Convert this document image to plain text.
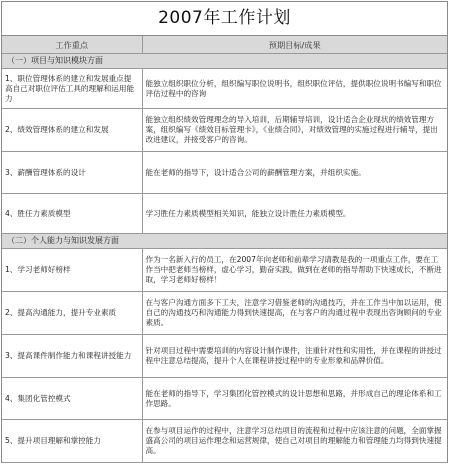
2007年工作计划
工作重点	预期目标/成果
（一）项目与知识模块方面	
1、职位管理体系的建立和发展重点提高自己对职位评估工具的理解和运用能力	能独立组织职位分析，组织编写职位说明书，组织职位评估，提供职位说明书编写和职位评估过程中的咨询
2、绩效管理体系的建立和发展	能独立组织绩效管理理念的导入培训，后期辅导培训，设计适合企业现状的绩效管理方案，组织编写《绩效目标管理卡》，《业绩合同》，对绩效管理的实施过程进行辅导，提出改进建议，并接受客户的咨询。
3、薪酬管理体系的设计	能在老师的指导下，设计适合公司的薪酬管理方案，并组织实施。
4、胜任力素质模型	学习胜任力素质模型相关知识，能独立设计胜任力素质模型。
（二）个人能力与知识发展方面	
1、学习老师好榜样	作为一名新入行的员工，在2007年向老师和前辈学习请教是我的一项重点工作，要在工作当中把老师当榜样，虚心学习，勤奋实践，做到在老师的指导帮助下快速成长，不断进取，学习老师好榜样！
2、提高沟通能力，提升专业素质	在与客户沟通方面多下工夫，注意学习借鉴老师的沟通技巧，并在工作当中加以运用，使自己的沟通技巧和沟通能力得到快速提高，在与客户的沟通过程中表现出咨询顾问的专业素质。
3、提高课件制作能力和课程讲授能力	针对项目过程中需要培训的内容设计制作课件，注重针对性和实用性，并在课程的讲授过程中注意总结提高，提升个人在课程讲授过程中的专业形象和品牌价值。
4、集团化管控模式	能在老师的指导下，学习集团化管控模式的设计思想和思路，并形成自己的理论体系和工作思路。
5、提升项目理解和掌控能力	在参与项目运作的过程中，注意学习总结项目的流程和过程中应该注意的问题，全面掌握盛高公司的项目运作理念和运营规律，使自己对项目的理解能力和管理能力均得到快速提高。
